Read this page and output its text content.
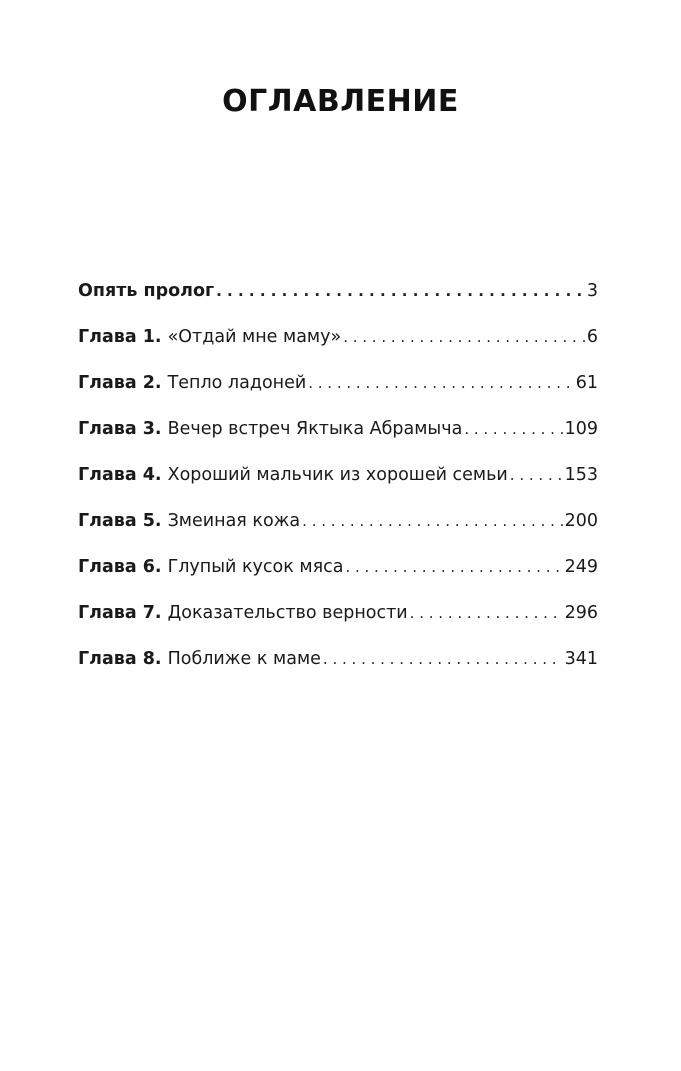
ОГЛАВЛЕНИЕ
Опять пролог . . .	3
Глава 1. «Отдай мне маму» . . .	6
Глава 2. Тепло ладоней . . .	61
Глава 3. Вечер встреч Яктыка Абрамыча . . .	109
Глава 4. Хороший мальчик из хорошей семьи . . .	153
Глава 5. Змеиная кожа . . .	200
Глава 6. Глупый кусок мяса . . .	249
Глава 7. Доказательство верности . . .	296
Глава 8. Поближе к маме . . .	341
